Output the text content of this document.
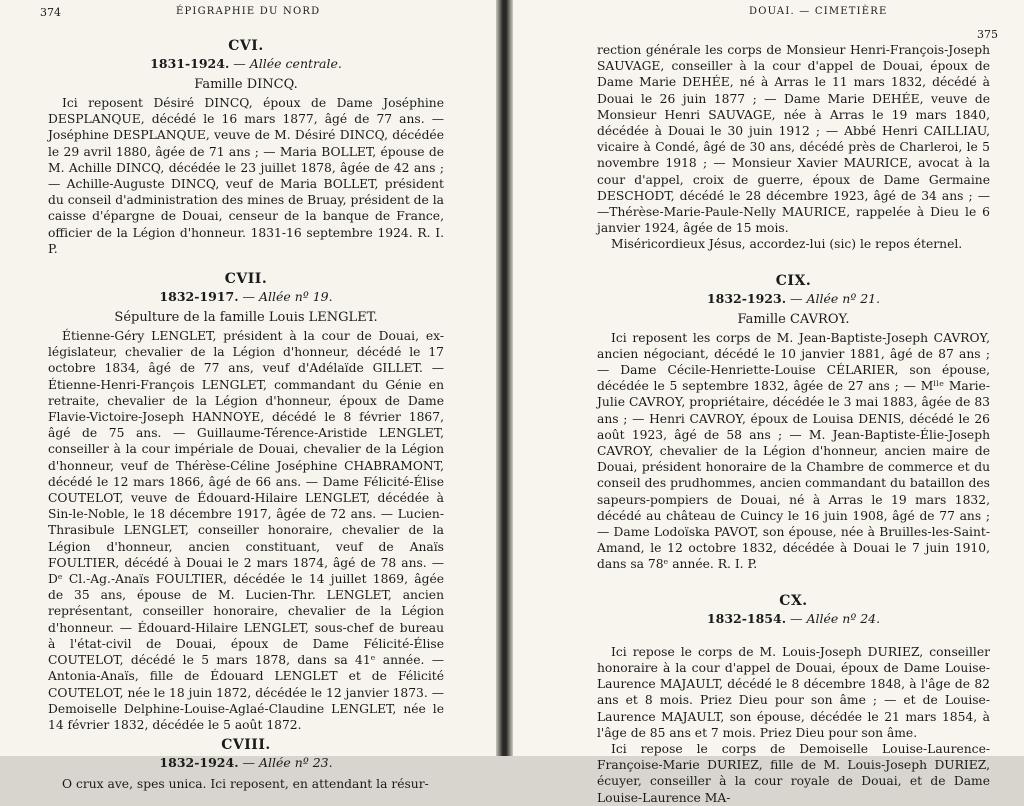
374	ÉPIGRAPHIE DU NORD
CVI.
1831-1924. — Allée centrale.
Famille DINCQ.

Ici reposent Désiré DINCQ, époux de Dame Joséphine DESPLANQUE, décédé le 16 mars 1877, âgé de 77 ans. — Joséphine DESPLANQUE, veuve de M. Désiré DINCQ, décédée le 29 avril 1880, âgée de 71 ans ; — Maria BOLLET, épouse de M. Achille DINCQ, décédée le 23 juillet 1878, âgée de 42 ans ; — Achille-Auguste DINCQ, veuf de Maria BOLLET, président du conseil d'administration des mines de Bruay, président de la caisse d'épargne de Douai, censeur de la banque de France, officier de la Légion d'honneur. 1831-16 septembre 1924. R. I. P.

CVII.
1832-1917. — Allée nº 19.
Sépulture de la famille Louis LENGLET.

Étienne-Géry LENGLET, président à la cour de Douai, ex-législateur, chevalier de la Légion d'honneur, décédé le 17 octobre 1834, âgé de 77 ans, veuf d'Adélaïde GILLET. — Étienne-Henri-François LENGLET, commandant du Génie en retraite, chevalier de la Légion d'honneur, époux de Dame Flavie-Victoire-Joseph HANNOYE, décédé le 8 février 1867, âgé de 75 ans. — Guillaume-Térence-Aristide LENGLET, conseiller à la cour impériale de Douai, chevalier de la Légion d'honneur, veuf de Thérèse-Céline Joséphine CHABRAMONT, décédé le 12 mars 1866, âgé de 66 ans. — Dame Félicité-Élise COUTELOT, veuve de Édouard-Hilaire LENGLET, décédée à Sin-le-Noble, le 18 décembre 1917, âgée de 72 ans. — Lucien-Thrasibule LENGLET, conseiller honoraire, chevalier de la Légion d'honneur, ancien constituant, veuf de Anaïs FOULTIER, décédé à Douai le 2 mars 1874, âgé de 78 ans. — Dᵉ Cl.-Ag.-Anaïs FOULTIER, décédée le 14 juillet 1869, âgée de 35 ans, épouse de M. Lucien-Thr. LENGLET, ancien représentant, conseiller honoraire, chevalier de la Légion d'honneur. — Édouard-Hilaire LENGLET, sous-chef de bureau à l'état-civil de Douai, époux de Dame Félicité-Élise COUTELOT, décédé le 5 mars 1878, dans sa 41ᵉ année. — Antonia-Anaïs, fille de Édouard LENGLET et de Félicité COUTELOT, née le 18 juin 1872, décédée le 12 janvier 1873. — Demoiselle Delphine-Louise-Aglaé-Claudine LENGLET, née le 14 février 1832, décédée le 5 août 1872.

CVIII.
1832-1924. — Allée nº 23.

O crux ave, spes unica. Ici reposent, en attendant la résur-

DOUAI. — CIMETIÈRE
375

rection générale les corps de Monsieur Henri-François-Joseph SAUVAGE, conseiller à la cour d'appel de Douai, époux de Dame Marie DEHÉE, né à Arras le 11 mars 1832, décédé à Douai le 26 juin 1877 ; — Dame Marie DEHÉE, veuve de Monsieur Henri SAUVAGE, née à Arras le 19 mars 1840, décédée à Douai le 30 juin 1912 ; — Abbé Henri CAILLIAU, vicaire à Condé, âgé de 30 ans, décédé près de Charleroi, le 5 novembre 1918 ; — Monsieur Xavier MAURICE, avocat à la cour d'appel, croix de guerre, époux de Dame Germaine DESCHODT, décédé le 28 décembre 1923, âgé de 34 ans ; — —Thérèse-Marie-Paule-Nelly MAURICE, rappelée à Dieu le 6 janvier 1924, âgée de 15 mois.

Miséricordieux Jésus, accordez-lui (sic) le repos éternel.

CIX.
1832-1923. — Allée nº 21.
Famille CAVROY.

Ici reposent les corps de M. Jean-Baptiste-Joseph CAVROY, ancien négociant, décédé le 10 janvier 1881, âgé de 87 ans ; — Dame Cécile-Henriette-Louise CÉLARIER, son épouse, décédée le 5 septembre 1832, âgée de 27 ans ; — Mˡˡᵉ Marie-Julie CAVROY, propriétaire, décédée le 3 mai 1883, âgée de 83 ans ; — Henri CAVROY, époux de Louisa DENIS, décédé le 26 août 1923, âgé de 58 ans ; — M. Jean-Baptiste-Élie-Joseph CAVROY, chevalier de la Légion d'honneur, ancien maire de Douai, président honoraire de la Chambre de commerce et du conseil des prudhommes, ancien commandant du bataillon des sapeurs-pompiers de Douai, né à Arras le 19 mars 1832, décédé au château de Cuincy le 16 juin 1908, âgé de 77 ans ; — Dame Lodoïska PAVOT, son épouse, née à Bruilles-les-Saint-Amand, le 12 octobre 1832, décédée à Douai le 7 juin 1910, dans sa 78ᵉ année. R. I. P.

CX.
1832-1854. — Allée nº 24.

Ici repose le corps de M. Louis-Joseph DURIEZ, conseiller honoraire à la cour d'appel de Douai, époux de Dame Louise-Laurence MAJAULT, décédé le 8 décembre 1848, à l'âge de 82 ans et 8 mois. Priez Dieu pour son âme ; — et de Louise-Laurence MAJAULT, son épouse, décédée le 21 mars 1854, à l'âge de 85 ans et 7 mois. Priez Dieu pour son âme.

Ici repose le corps de Demoiselle Louise-Laurence-Françoise-Marie DURIEZ, fille de M. Louis-Joseph DURIEZ, écuyer, conseiller à la cour royale de Douai, et de Dame Louise-Laurence MA-
